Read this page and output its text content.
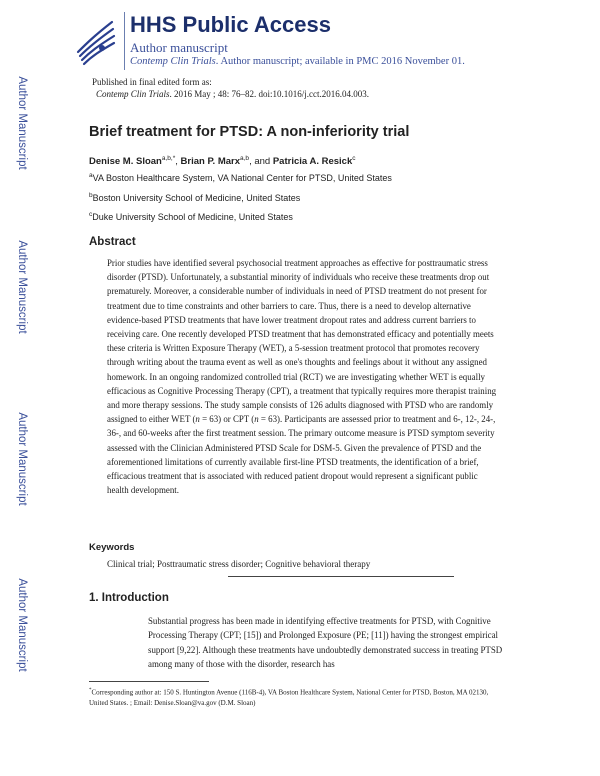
HHS Public Access
Author manuscript
Contemp Clin Trials. Author manuscript; available in PMC 2016 November 01.
Author Manuscript
Author Manuscript
Author Manuscript
Author Manuscript
Published in final edited form as:
Contemp Clin Trials. 2016 May ; 48: 76–82. doi:10.1016/j.cct.2016.04.003.
Brief treatment for PTSD: A non-inferiority trial
Denise M. Sloan$^{a,b,*}$, Brian P. Marx$^{a,b}$, and Patricia A. Resick$^c$
$^a$VA Boston Healthcare System, VA National Center for PTSD, United States
$^b$Boston University School of Medicine, United States
$^c$Duke University School of Medicine, United States
Abstract

Prior studies have identified several psychosocial treatment approaches as effective for posttraumatic stress disorder (PTSD). Unfortunately, a substantial minority of individuals who receive these treatments drop out prematurely. Moreover, a considerable number of individuals in need of PTSD treatment do not present for treatment due to time constraints and other barriers to care. Thus, there is a need to develop alternative evidence-based PTSD treatments that have lower treatment dropout rates and address current barriers to receiving care. One recently developed PTSD treatment that has demonstrated efficacy and potentially meets these criteria is Written Exposure Therapy (WET), a 5-session treatment protocol that promotes recovery through writing about the trauma event as well as one's thoughts and feelings about it without any assigned homework. In an ongoing randomized controlled trial (RCT) we are investigating whether WET is equally efficacious as Cognitive Processing Therapy (CPT), a treatment that typically requires more therapist training and more therapy sessions. The study sample consists of 126 adults diagnosed with PTSD who are randomly assigned to either WET (n = 63) or CPT (n = 63). Participants are assessed prior to treatment and 6-, 12-, 24-, 36-, and 60-weeks after the first treatment session. The primary outcome measure is PTSD symptom severity assessed with the Clinician Administered PTSD Scale for DSM-5. Given the prevalence of PTSD and the aforementioned limitations of currently available first-line PTSD treatments, the identification of a brief, efficacious treatment that is associated with reduced patient dropout would represent a significant public health development.

Keywords
Clinical trial; Posttraumatic stress disorder; Cognitive behavioral therapy
1. Introduction

Substantial progress has been made in identifying effective treatments for PTSD, with Cognitive Processing Therapy (CPT; [15]) and Prolonged Exposure (PE; [11]) having the strongest empirical support [9,22]. Although these treatments have undoubtedly demonstrated success in treating PTSD among many of those with the disorder, research has

*Corresponding author at: 150 S. Huntington Avenue (116B-4), VA Boston Healthcare System, National Center for PTSD, Boston, MA 02130, United States. ; Email: Denise.Sloan@va.gov (D.M. Sloan)
